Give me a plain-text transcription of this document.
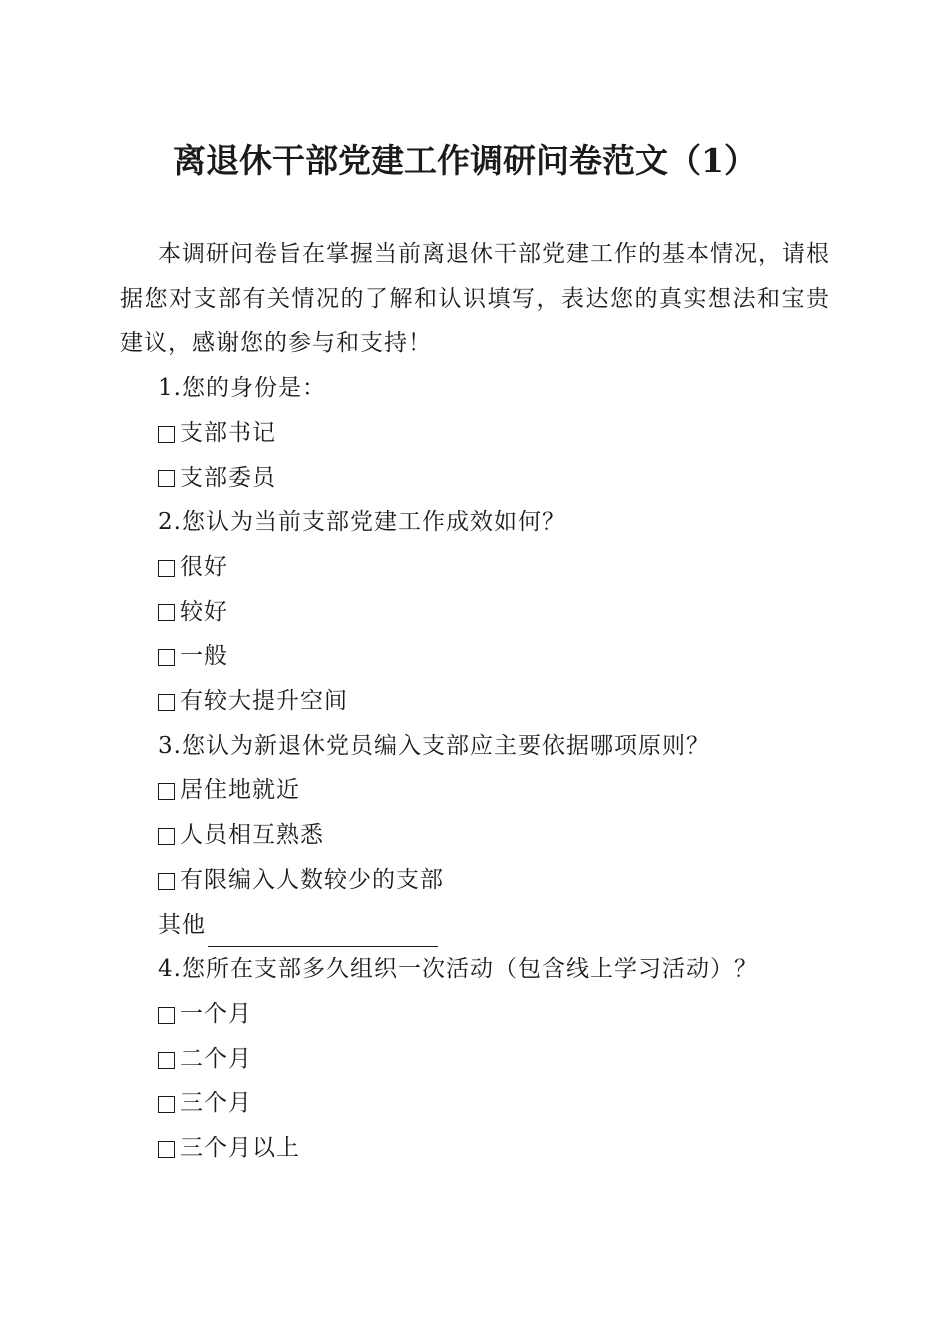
离退休干部党建工作调研问卷范文（1）

本调研问卷旨在掌握当前离退休干部党建工作的基本情况，请根据您对支部有关情况的了解和认识填写，表达您的真实想法和宝贵建议，感谢您的参与和支持！

1.您的身份是：

支部书记

支部委员

2.您认为当前支部党建工作成效如何？

很好

较好

一般

有较大提升空间

3.您认为新退休党员编入支部应主要依据哪项原则？

居住地就近

人员相互熟悉

有限编入人数较少的支部

其他

4.您所在支部多久组织一次活动（包含线上学习活动）？

一个月

二个月

三个月

三个月以上
